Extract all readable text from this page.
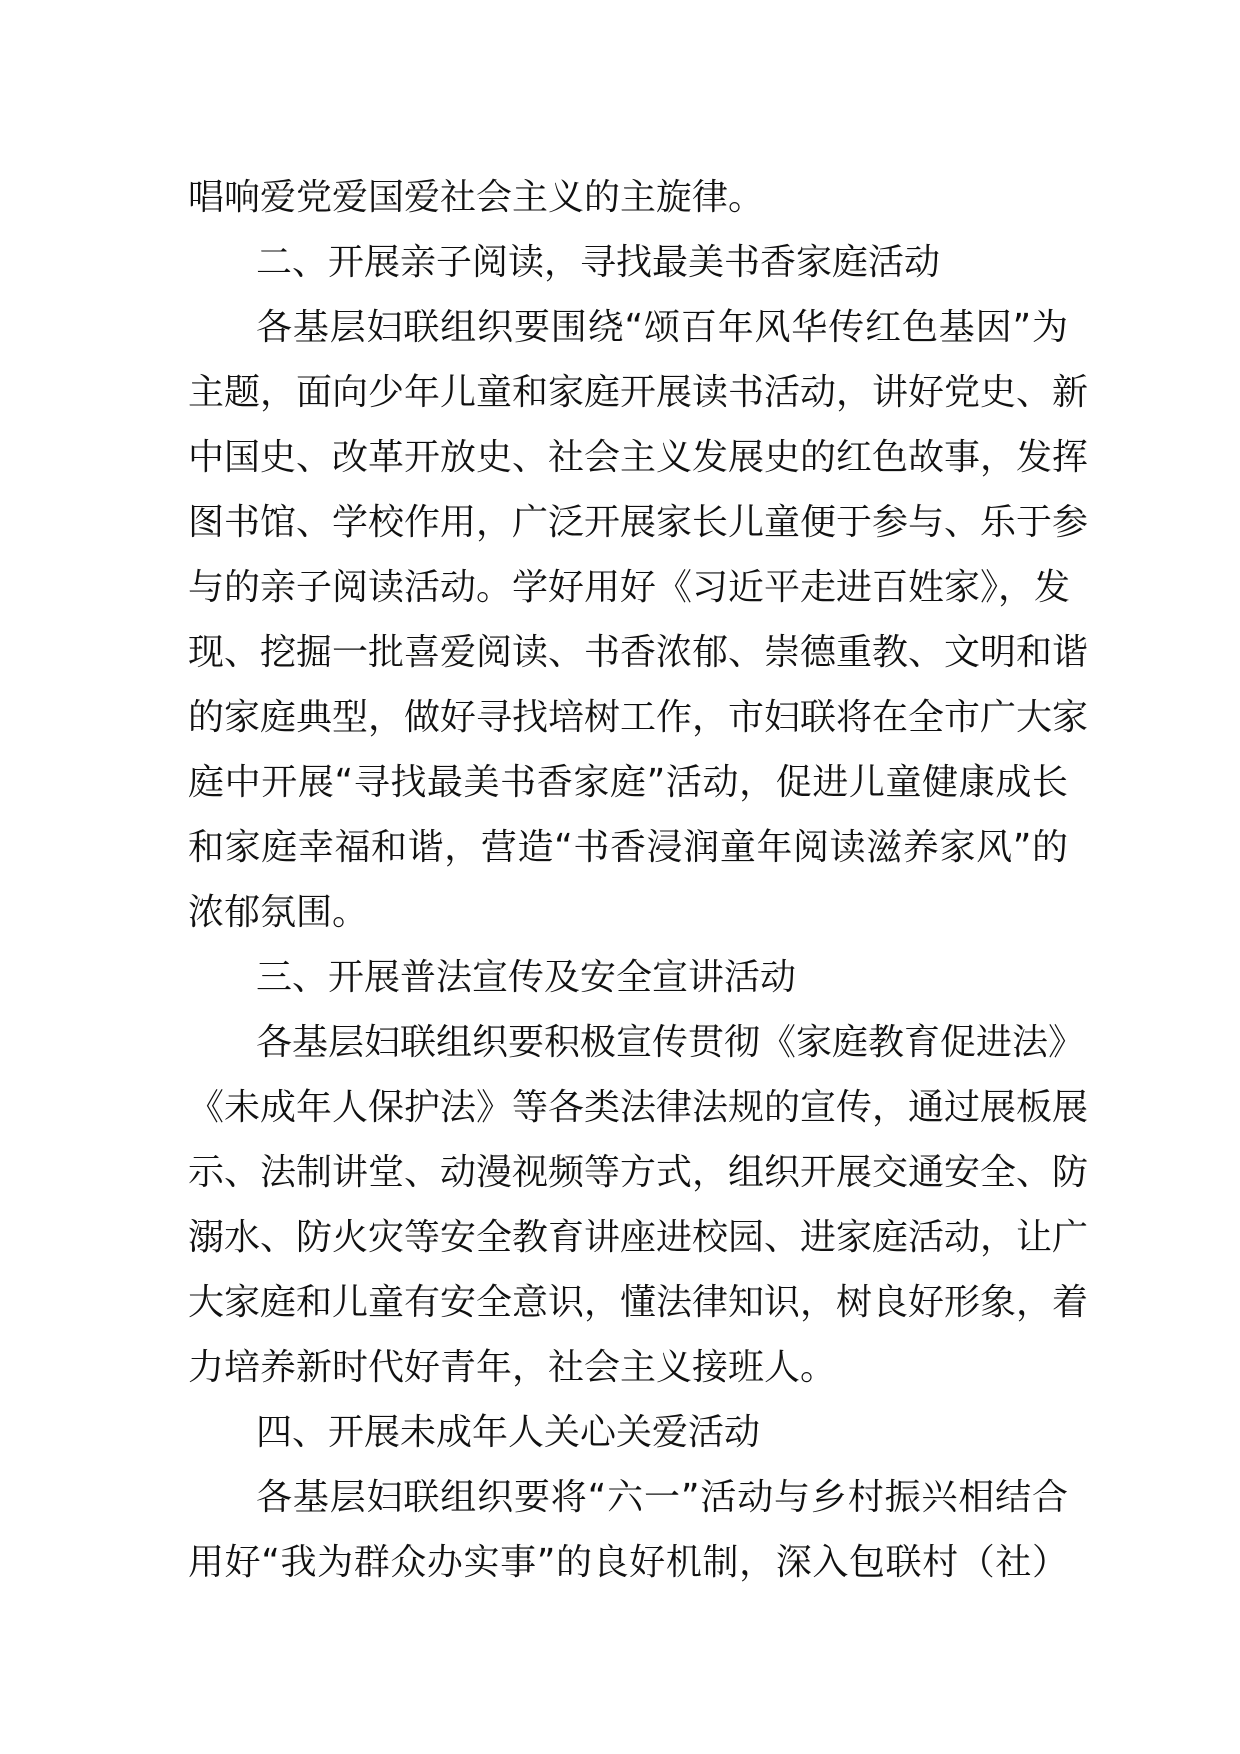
唱响爱党爱国爱社会主义的主旋律。
二、开展亲子阅读，寻找最美书香家庭活动
各基层妇联组织要围绕“颂百年风华传红色基因”为
主题，面向少年儿童和家庭开展读书活动，讲好党史、新
中国史、改革开放史、社会主义发展史的红色故事，发挥
图书馆、学校作用，广泛开展家长儿童便于参与、乐于参
与的亲子阅读活动。学好用好《习近平走进百姓家》，发
现、挖掘一批喜爱阅读、书香浓郁、崇德重教、文明和谐
的家庭典型，做好寻找培树工作，市妇联将在全市广大家
庭中开展“寻找最美书香家庭”活动，促进儿童健康成长
和家庭幸福和谐，营造“书香浸润童年阅读滋养家风”的
浓郁氛围。
三、开展普法宣传及安全宣讲活动
各基层妇联组织要积极宣传贯彻《家庭教育促进法》
《未成年人保护法》等各类法律法规的宣传，通过展板展
示、法制讲堂、动漫视频等方式，组织开展交通安全、防
溺水、防火灾等安全教育讲座进校园、进家庭活动，让广
大家庭和儿童有安全意识，懂法律知识，树良好形象，着
力培养新时代好青年，社会主义接班人。
四、开展未成年人关心关爱活动
各基层妇联组织要将“六一”活动与乡村振兴相结合
用好“我为群众办实事”的良好机制，深入包联村（社）
